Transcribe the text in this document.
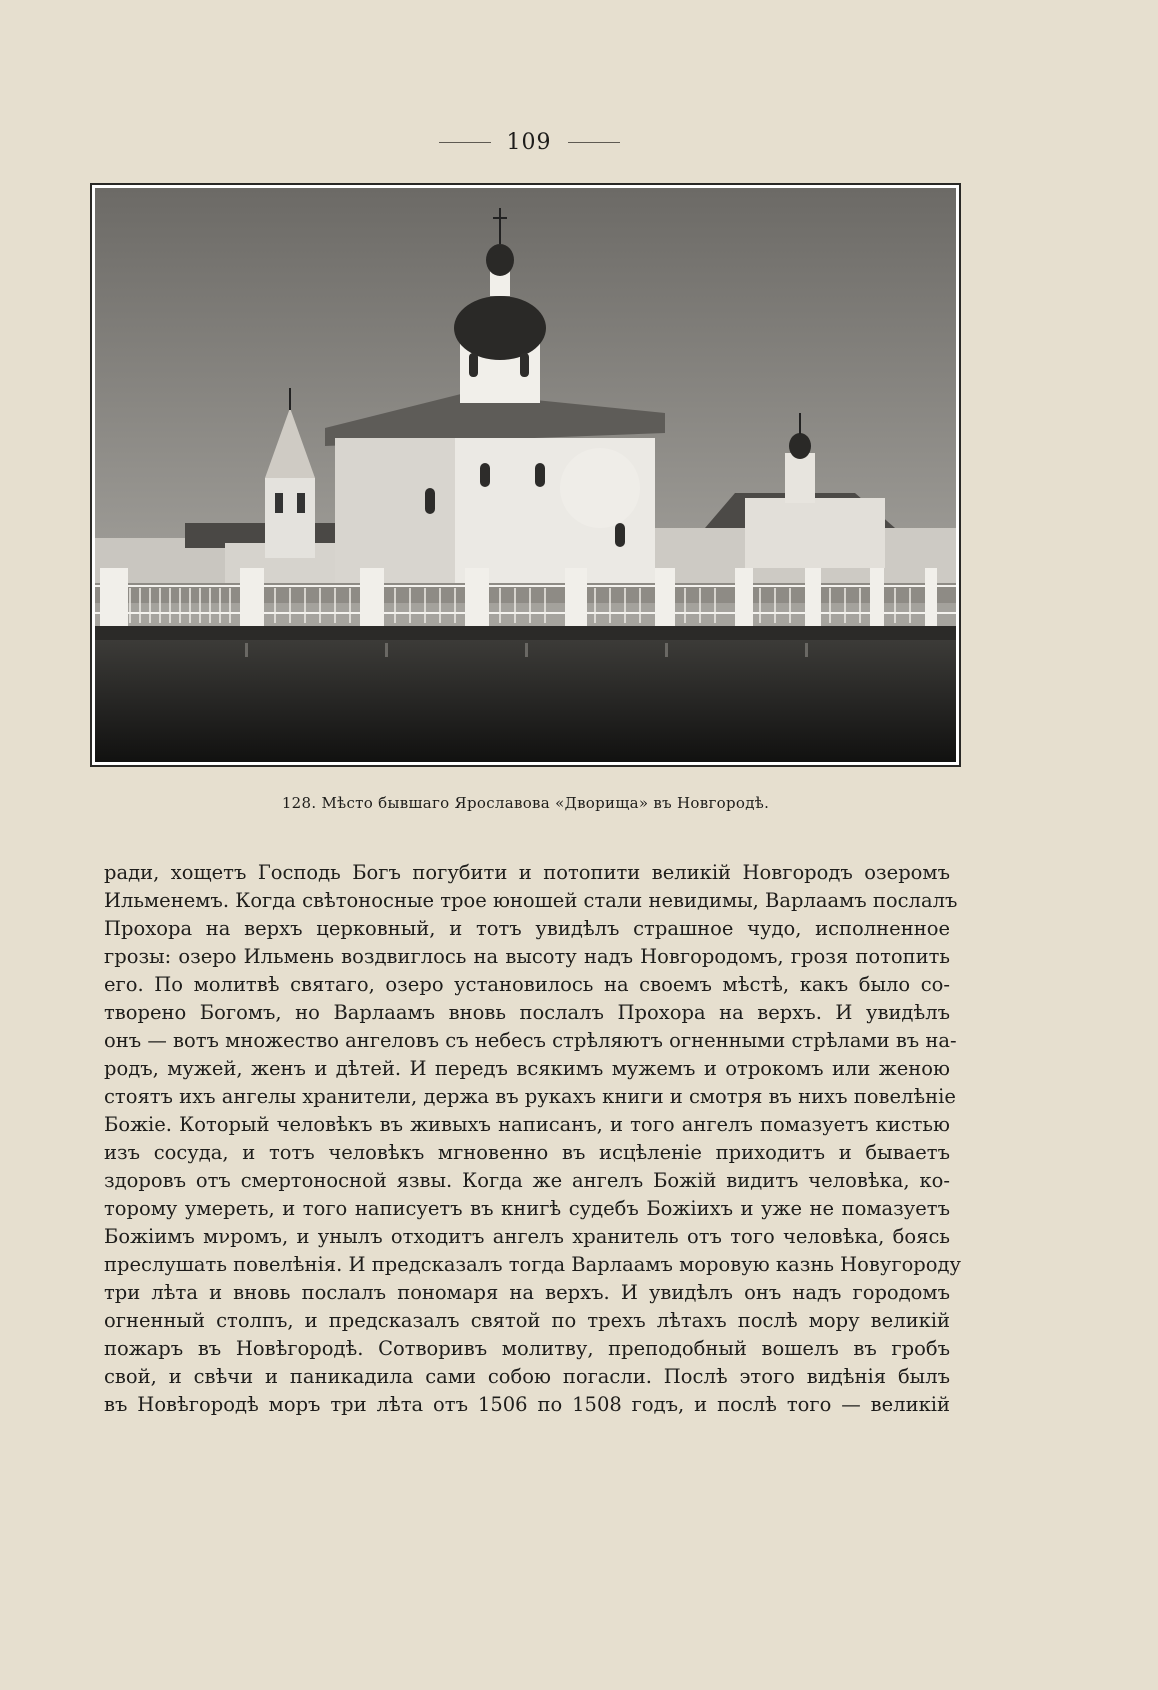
109
128. Мѣсто бывшаго Ярославова «Дворища» въ Новгородѣ.
ради, хощетъ Господь Богъ погубити и потопити великій Новгородъ озеромъ
Ильменемъ. Когда свѣтоносные трое юношей стали невидимы, Варлаамъ послалъ
Прохора на верхъ церковный, и тотъ увидѣлъ страшное чудо, исполненное
грозы: озеро Ильмень воздвиглось на высоту надъ Новгородомъ, грозя потопить
его. По молитвѣ святаго, озеро установилось на своемъ мѣстѣ, какъ было со-
творено Богомъ, но Варлаамъ вновь послалъ Прохора на верхъ. И увидѣлъ
онъ — вотъ множество ангеловъ съ небесъ стрѣляютъ огненными стрѣлами въ на-
родъ, мужей, женъ и дѣтей. И передъ всякимъ мужемъ и отрокомъ или женою
стоятъ ихъ ангелы хранители, держа въ рукахъ книги и смотря въ нихъ повелѣніе
Божіе. Который человѣкъ въ живыхъ написанъ, и того ангелъ помазуетъ кистью
изъ сосуда, и тотъ человѣкъ мгновенно въ исцѣленіе приходитъ и бываетъ
здоровъ отъ смертоносной язвы. Когда же ангелъ Божій видитъ человѣка, ко-
торому умереть, и того написуетъ въ книгѣ судебъ Божіихъ и уже не помазуетъ
Божіимъ мνромъ, и унылъ отходитъ ангелъ хранитель отъ того человѣка, боясь
преслушать повелѣнія. И предсказалъ тогда Варлаамъ моровую казнь Новугороду
три лѣта и вновь послалъ пономаря на верхъ. И увидѣлъ онъ надъ городомъ
огненный столпъ, и предсказалъ святой по трехъ лѣтахъ послѣ мору великій
пожаръ въ Новѣгородѣ. Сотворивъ молитву, преподобный вошелъ въ гробъ
свой, и свѣчи и паникадила сами собою погасли. Послѣ этого видѣнія былъ
въ Новѣгородѣ моръ три лѣта отъ 1506 по 1508 годъ, и послѣ того — великій
